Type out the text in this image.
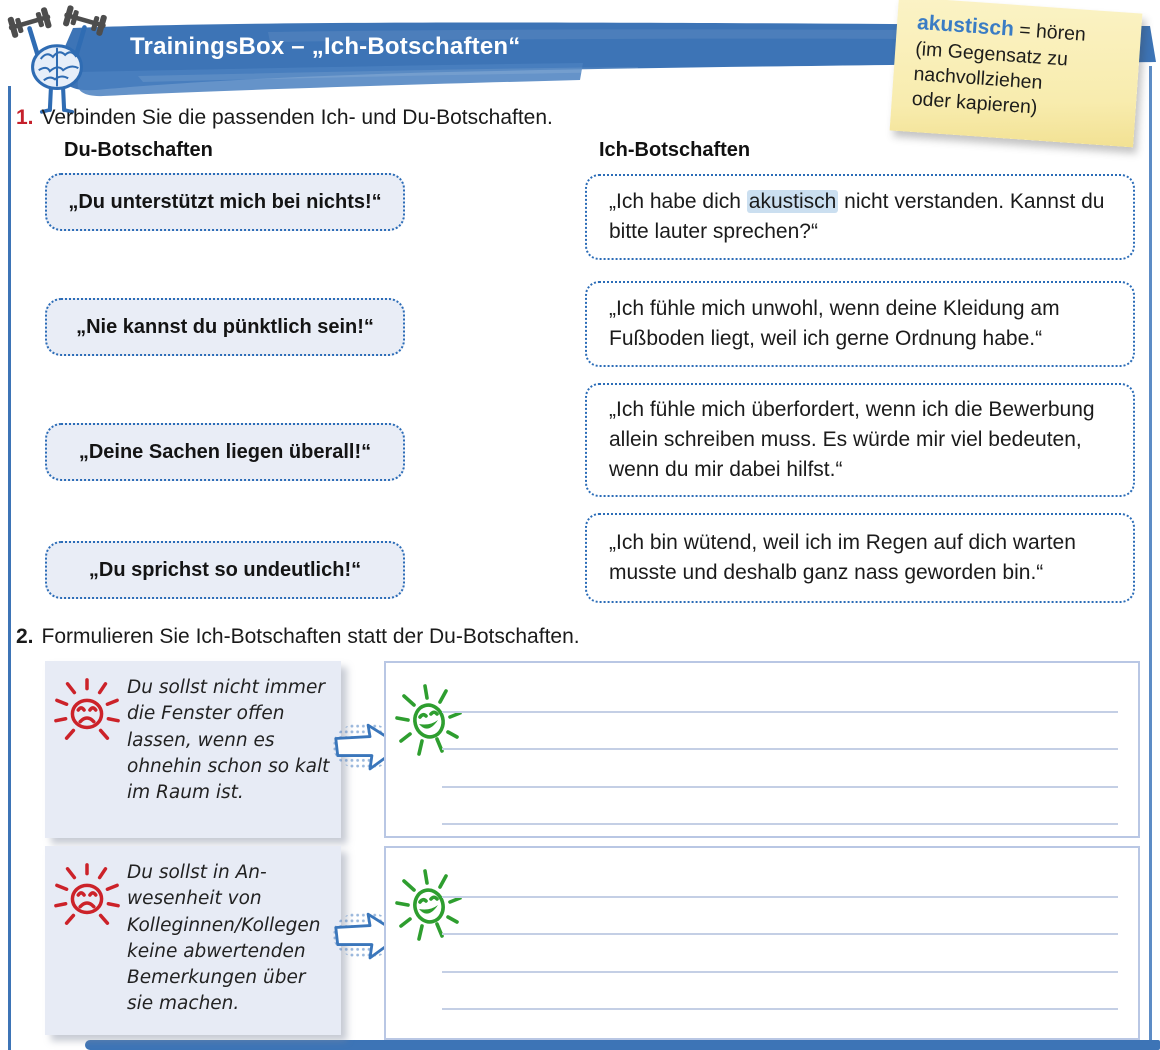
TrainingsBox – „Ich-Botschaften“
akustisch = hören
(im Gegensatz zu
nachvollziehen
oder kapieren)
1. Verbinden Sie die passenden Ich- und Du-Botschaften.
Du-Botschaften	Ich-Botschaften
„Du unterstützt mich bei nichts!“
„Nie kannst du pünktlich sein!“
„Deine Sachen liegen überall!“
„Du sprichst so undeutlich!“
„Ich habe dich akustisch nicht verstanden. Kannst du bitte lauter sprechen?“
„Ich fühle mich unwohl, wenn deine Kleidung am Fußboden liegt, weil ich gerne Ordnung habe.“
„Ich fühle mich überfordert, wenn ich die Bewerbung allein schreiben muss. Es würde mir viel bedeuten, wenn du mir dabei hilfst.“
„Ich bin wütend, weil ich im Regen auf dich warten musste und deshalb ganz nass geworden bin.“
2. Formulieren Sie Ich-Botschaften statt der Du-Botschaften.
Du sollst nicht immer die Fenster offen lassen, wenn es ohnehin schon so kalt im Raum ist.
Du sollst in Anwesenheit von Kolleginnen/Kollegen keine abwertenden Bemerkungen über sie machen.
